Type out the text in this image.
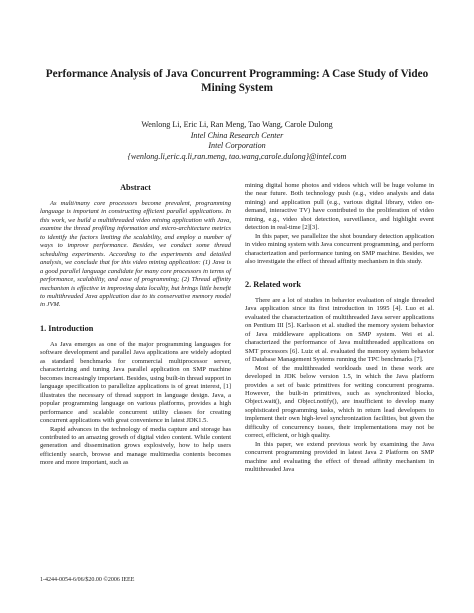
Performance Analysis of Java Concurrent Programming: A Case Study of Video
Mining System
Wenlong Li, Eric Li, Ran Meng, Tao Wang, Carole Dulong
Intel China Research Center
Intel Corporation
{wenlong.li,eric.q.li,ran.meng, tao.wang,carole.dulong}@intel.com
Abstract
As multi/many core processors become prevalent, programming language is important in constructing efficient parallel applications. In this work, we build a multithreaded video mining application with Java, examine the thread profiling information and micro-architecture metrics to identify the factors limiting the scalability, and employ a number of ways to improve performance. Besides, we conduct some thread scheduling experiments. According to the experiments and detailed analysis, we conclude that for this video mining application: (1) Java is a good parallel language candidate for many core processors in terms of performance, scalability, and ease of programming; (2) Thread affinity mechanism is effective in improving data locality, but brings little benefit to multithreaded Java application due to its conservative memory model in JVM.
1. Introduction

As Java emerges as one of the major programming languages for software development and parallel Java applications are widely adopted as standard benchmarks for commercial multiprocessor server, characterizing and tuning Java parallel application on SMP machine becomes increasingly important. Besides, using built-in thread support in language specification to parallelize applications is of great interest, [1] illustrates the necessary of thread support in language design. Java, a popular programming language on various platforms, provides a high performance and scalable concurrent utility classes for creating concurrent applications with great convenience in latest JDK1.5.

Rapid advances in the technology of media capture and storage has contributed to an amazing growth of digital video content. While content generation and dissemination grows explosively, how to help users efficiently search, browse and manage multimedia contents becomes more and more important, such as

mining digital home photos and videos which will be huge volume in the near future. Both technology push (e.g., video analysis and data mining) and application pull (e.g., various digital library, video on-demand, interactive TV) have contributed to the proliferation of video mining, e.g., video shot detection, surveillance, and highlight event detection in real-time [2][3].

In this paper, we parallelize the shot boundary detection application in video mining system with Java concurrent programming, and perform characterization and performance tuning on SMP machine. Besides, we also investigate the effect of thread affinity mechanism in this study.

2. Related work

There are a lot of studies in behavior evaluation of single threaded Java application since its first introduction in 1995 [4]. Luo et al. evaluated the characterization of multithreaded Java server applications on Pentium III [5]. Karlsson et al. studied the memory system behavior of Java middleware applications on SMP system. Wei et al. characterized the performance of Java multithreaded applications on SMT processors [6]. Luiz et al. evaluated the memory system behavior of Database Management Systems running the TPC benchmarks [7].

Most of the multithreaded workloads used in these work are developed in JDK below version 1.5, in which the Java platform provides a set of basic primitives for writing concurrent programs. However, the built-in primitives, such as synchronized blocks, Object.wait(), and Object.notify(), are insufficient to develop many sophisticated programming tasks, which in return lead developers to implement their own high-level synchronization facilities, but given the difficulty of concurrency issues, their implementations may not be correct, efficient, or high quality.

In this paper, we extend previous work by examining the Java concurrent programming provided in latest Java 2 Platform on SMP machine and evaluating the effect of thread affinity mechanism in multithreaded Java

1-4244-0054-6/06/$20.00 ©2006 IEEE
